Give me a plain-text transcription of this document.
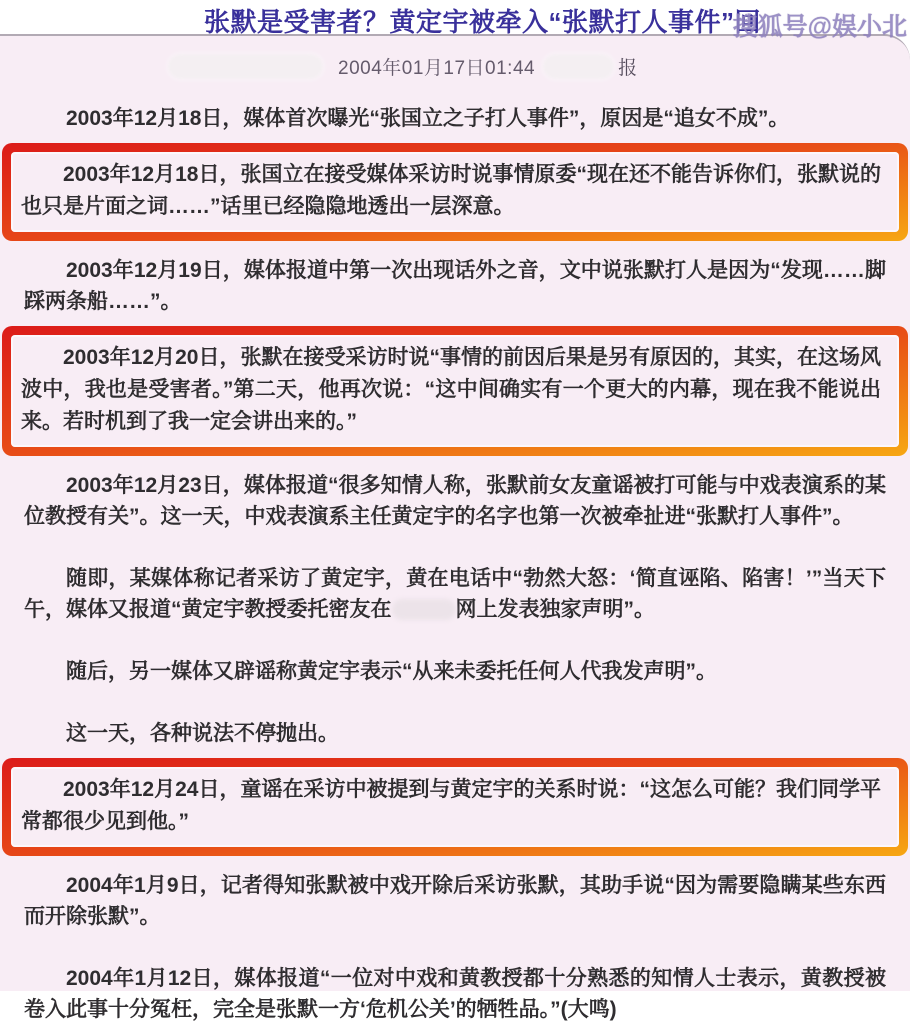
张默是受害者？黄定宇被牵入“张默打人事件”回
搜狐号@娱小北
2004年01月17日01:44	报

2003年12月18日，媒体首次曝光“张国立之子打人事件”，原因是“追女不成”。

2003年12月18日，张国立在接受媒体采访时说事情原委“现在还不能告诉你们，张默说的也只是片面之词……”话里已经隐隐地透出一层深意。

2003年12月19日，媒体报道中第一次出现话外之音，文中说张默打人是因为“发现……脚踩两条船……”。

2003年12月20日，张默在接受采访时说“事情的前因后果是另有原因的，其实，在这场风波中，我也是受害者。”第二天，他再次说：“这中间确实有一个更大的内幕，现在我不能说出来。若时机到了我一定会讲出来的。”

2003年12月23日，媒体报道“很多知情人称，张默前女友童谣被打可能与中戏表演系的某位教授有关”。这一天，中戏表演系主任黄定宇的名字也第一次被牵扯进“张默打人事件”。

随即，某媒体称记者采访了黄定宇，黄在电话中“勃然大怒：‘简直诬陷、陷害！’”当天下午，媒体又报道“黄定宇教授委托密友在	网上发表独家声明”。

随后，另一媒体又辟谣称黄定宇表示“从来未委托任何人代我发声明”。

这一天，各种说法不停抛出。

2003年12月24日，童谣在采访中被提到与黄定宇的关系时说：“这怎么可能？我们同学平常都很少见到他。”

2004年1月9日，记者得知张默被中戏开除后采访张默，其助手说“因为需要隐瞒某些东西而开除张默”。

2004年1月12日，媒体报道“一位对中戏和黄教授都十分熟悉的知情人士表示，黄教授被卷入此事十分冤枉，完全是张默一方‘危机公关’的牺牲品。”(大鸣)
